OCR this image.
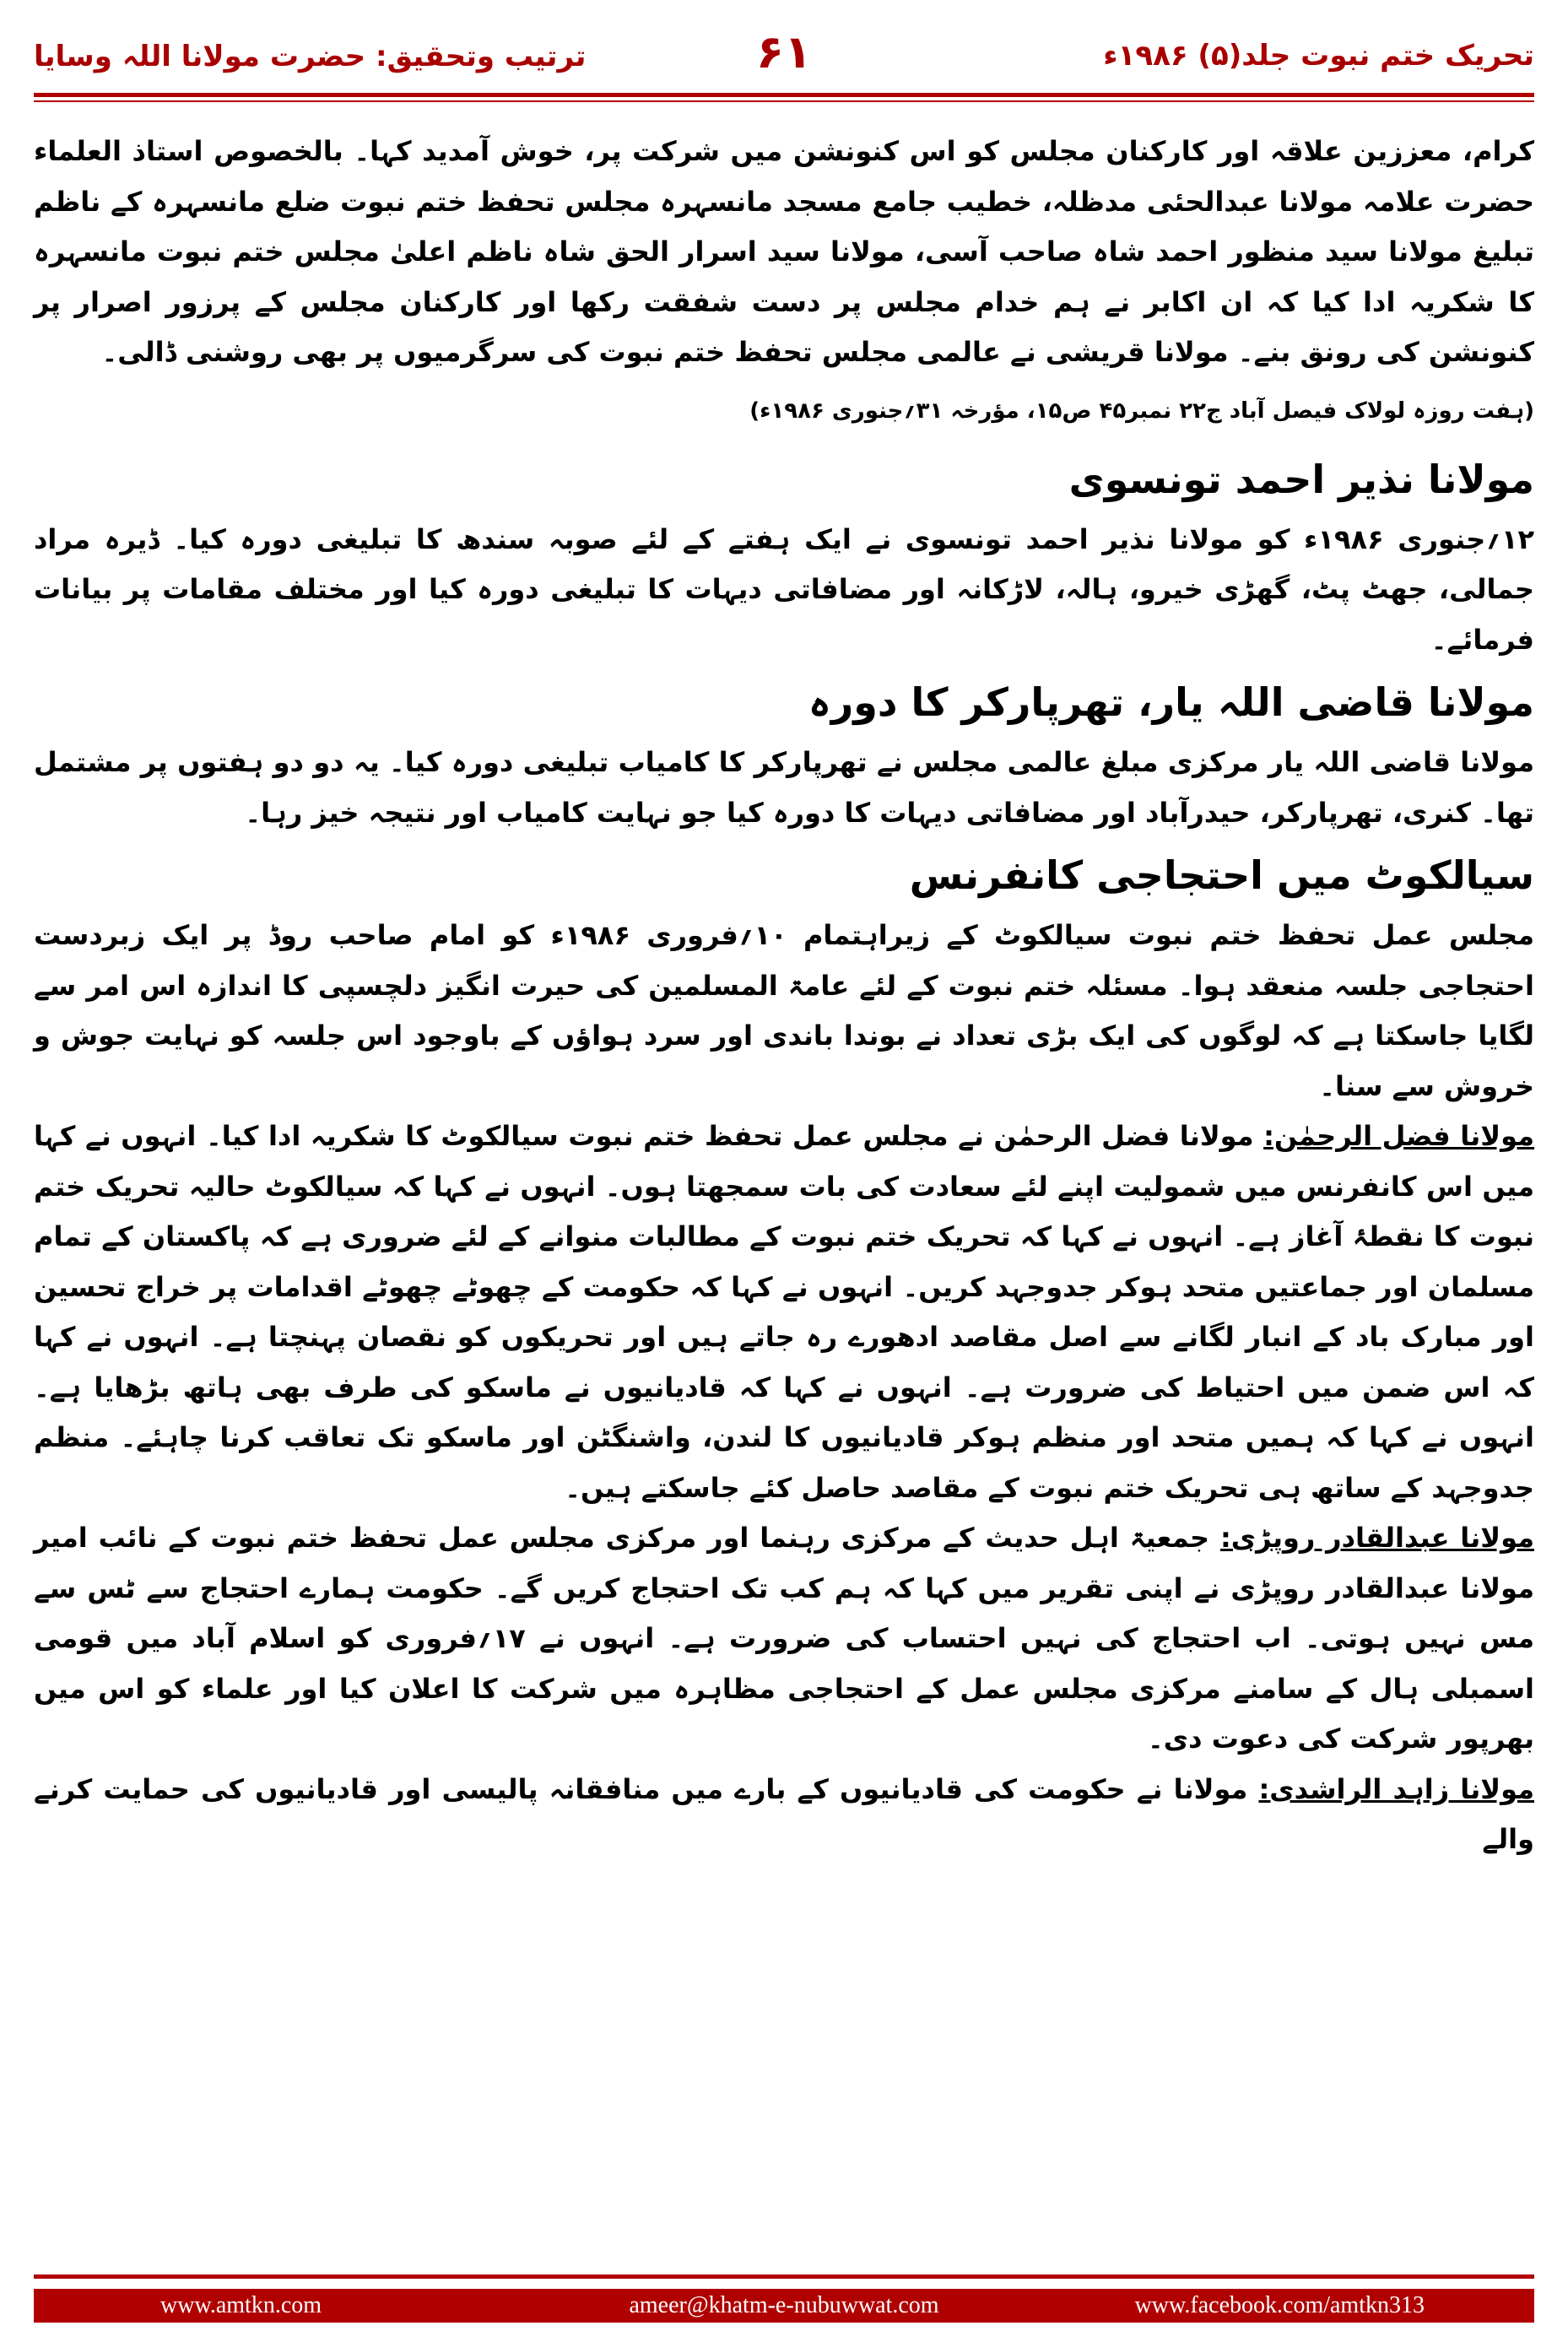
تحریک ختم نبوت جلد(۵) ۱۹۸۶ء
۶۱
ترتیب وتحقیق: حضرت مولانا اللہ وسایا

کرام، معززین علاقہ اور کارکنان مجلس کو اس کنونشن میں شرکت پر، خوش آمدید کہا۔ بالخصوص استاذ العلماء حضرت علامہ مولانا عبدالحئی مدظلہ، خطیب جامع مسجد مانسہرہ مجلس تحفظ ختم نبوت ضلع مانسہرہ کے ناظم تبلیغ مولانا سید منظور احمد شاہ صاحب آسی، مولانا سید اسرار الحق شاہ ناظم اعلیٰ مجلس ختم نبوت مانسہرہ کا شکریہ ادا کیا کہ ان اکابر نے ہم خدام مجلس پر دست شفقت رکھا اور کارکنان مجلس کے پرزور اصرار پر کنونشن کی رونق بنے۔ مولانا قریشی نے عالمی مجلس تحفظ ختم نبوت کی سرگرمیوں پر بھی روشنی ڈالی۔

(ہفت روزہ لولاک فیصل آباد ج۲۲ نمبر۴۵ ص۱۵، مؤرخہ ۳۱؍جنوری ۱۹۸۶ء)

مولانا نذیر احمد تونسوی

۱۲؍جنوری ۱۹۸۶ء کو مولانا نذیر احمد تونسوی نے ایک ہفتے کے لئے صوبہ سندھ کا تبلیغی دورہ کیا۔ ڈیرہ مراد جمالی، جھٹ پٹ، گھڑی خیرو، ہالہ، لاڑکانہ اور مضافاتی دیہات کا تبلیغی دورہ کیا اور مختلف مقامات پر بیانات فرمائے۔

مولانا قاضی اللہ یار، تھرپارکر کا دورہ

مولانا قاضی اللہ یار مرکزی مبلغ عالمی مجلس نے تھرپارکر کا کامیاب تبلیغی دورہ کیا۔ یہ دو دو ہفتوں پر مشتمل تھا۔ کنری، تھرپارکر، حیدرآباد اور مضافاتی دیہات کا دورہ کیا جو نہایت کامیاب اور نتیجہ خیز رہا۔

سیالکوٹ میں احتجاجی کانفرنس

مجلس عمل تحفظ ختم نبوت سیالکوٹ کے زیراہتمام ۱۰؍فروری ۱۹۸۶ء کو امام صاحب روڈ پر ایک زبردست احتجاجی جلسہ منعقد ہوا۔ مسئلہ ختم نبوت کے لئے عامۃ المسلمین کی حیرت انگیز دلچسپی کا اندازہ اس امر سے لگایا جاسکتا ہے کہ لوگوں کی ایک بڑی تعداد نے بوندا باندی اور سرد ہواؤں کے باوجود اس جلسہ کو نہایت جوش و خروش سے سنا۔

مولانا فضل الرحمٰن: مولانا فضل الرحمٰن نے مجلس عمل تحفظ ختم نبوت سیالکوٹ کا شکریہ ادا کیا۔ انہوں نے کہا میں اس کانفرنس میں شمولیت اپنے لئے سعادت کی بات سمجھتا ہوں۔ انہوں نے کہا کہ سیالکوٹ حالیہ تحریک ختم نبوت کا نقطۂ آغاز ہے۔ انہوں نے کہا کہ تحریک ختم نبوت کے مطالبات منوانے کے لئے ضروری ہے کہ پاکستان کے تمام مسلمان اور جماعتیں متحد ہوکر جدوجہد کریں۔ انہوں نے کہا کہ حکومت کے چھوٹے چھوٹے اقدامات پر خراج تحسین اور مبارک باد کے انبار لگانے سے اصل مقاصد ادھورے رہ جاتے ہیں اور تحریکوں کو نقصان پہنچتا ہے۔ انہوں نے کہا کہ اس ضمن میں احتیاط کی ضرورت ہے۔ انہوں نے کہا کہ قادیانیوں نے ماسکو کی طرف بھی ہاتھ بڑھایا ہے۔ انہوں نے کہا کہ ہمیں متحد اور منظم ہوکر قادیانیوں کا لندن، واشنگٹن اور ماسکو تک تعاقب کرنا چاہئے۔ منظم جدوجہد کے ساتھ ہی تحریک ختم نبوت کے مقاصد حاصل کئے جاسکتے ہیں۔

مولانا عبدالقادر روپڑی: جمعیۃ اہل حدیث کے مرکزی رہنما اور مرکزی مجلس عمل تحفظ ختم نبوت کے نائب امیر مولانا عبدالقادر روپڑی نے اپنی تقریر میں کہا کہ ہم کب تک احتجاج کریں گے۔ حکومت ہمارے احتجاج سے ٹس سے مس نہیں ہوتی۔ اب احتجاج کی نہیں احتساب کی ضرورت ہے۔ انہوں نے ۱۷؍فروری کو اسلام آباد میں قومی اسمبلی ہال کے سامنے مرکزی مجلس عمل کے احتجاجی مظاہرہ میں شرکت کا اعلان کیا اور علماء کو اس میں بھرپور شرکت کی دعوت دی۔

مولانا زاہد الراشدی: مولانا نے حکومت کی قادیانیوں کے بارے میں منافقانہ پالیسی اور قادیانیوں کی حمایت کرنے والے

www.amtkn.com	ameer@khatm-e-nubuwwat.com	www.facebook.com/amtkn313
